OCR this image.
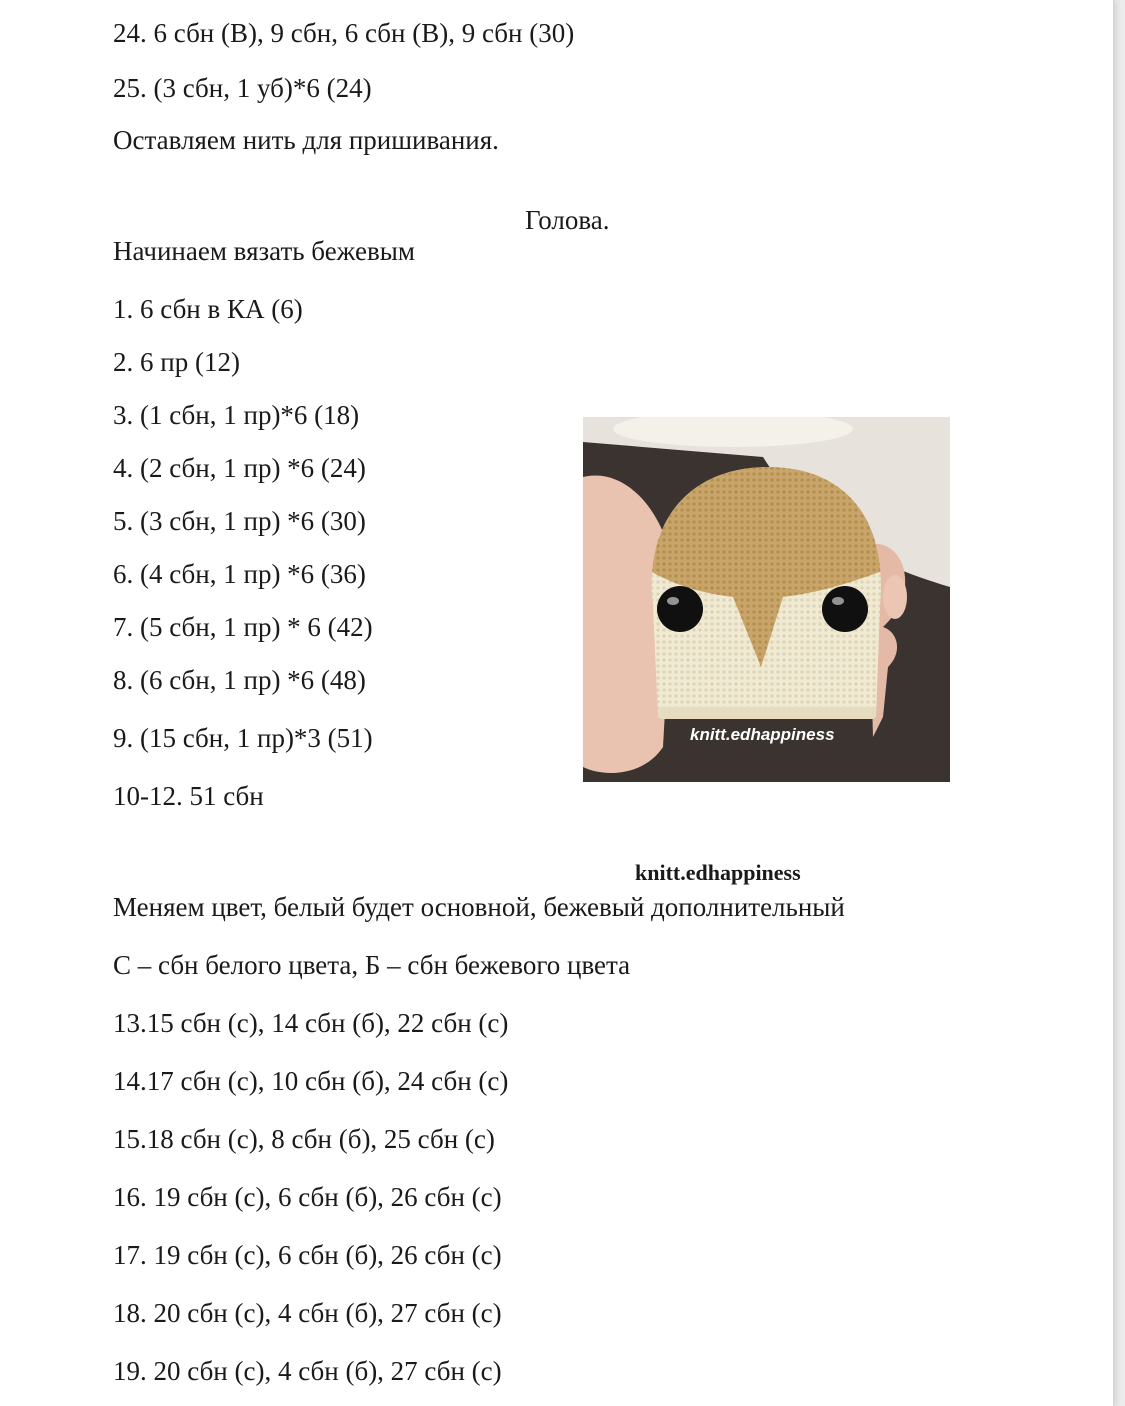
24. 6 сбн (В), 9 сбн, 6 сбн (В), 9 сбн (30)

25. (3 сбн, 1 уб)*6 (24)

Оставляем нить для пришивания.

Голова.

Начинаем вязать бежевым

1. 6 сбн в КА (6)

2. 6 пр (12)

3. (1 сбн, 1 пр)*6 (18)

4. (2 сбн, 1 пр) *6 (24)

5. (3 сбн, 1 пр) *6 (30)

6. (4 сбн, 1 пр) *6 (36)

7. (5 сбн, 1 пр) * 6 (42)

8. (6 сбн, 1 пр) *6 (48)

9. (15 сбн, 1 пр)*3 (51)

10-12. 51 сбн

knitt.edhappiness

knitt.edhappiness

Меняем цвет, белый будет основной, бежевый дополнительный

С – сбн белого цвета, Б – сбн бежевого цвета

13.15 сбн (с), 14 сбн (б), 22 сбн (с)

14.17 сбн (с), 10 сбн (б), 24 сбн (с)

15.18 сбн (с), 8 сбн (б), 25 сбн (с)

16. 19 сбн (с), 6 сбн (б), 26 сбн (с)

17. 19 сбн (с), 6 сбн (б), 26 сбн (с)

18. 20 сбн (с), 4 сбн (б), 27 сбн (с)

19. 20 сбн (с), 4 сбн (б), 27 сбн (с)
